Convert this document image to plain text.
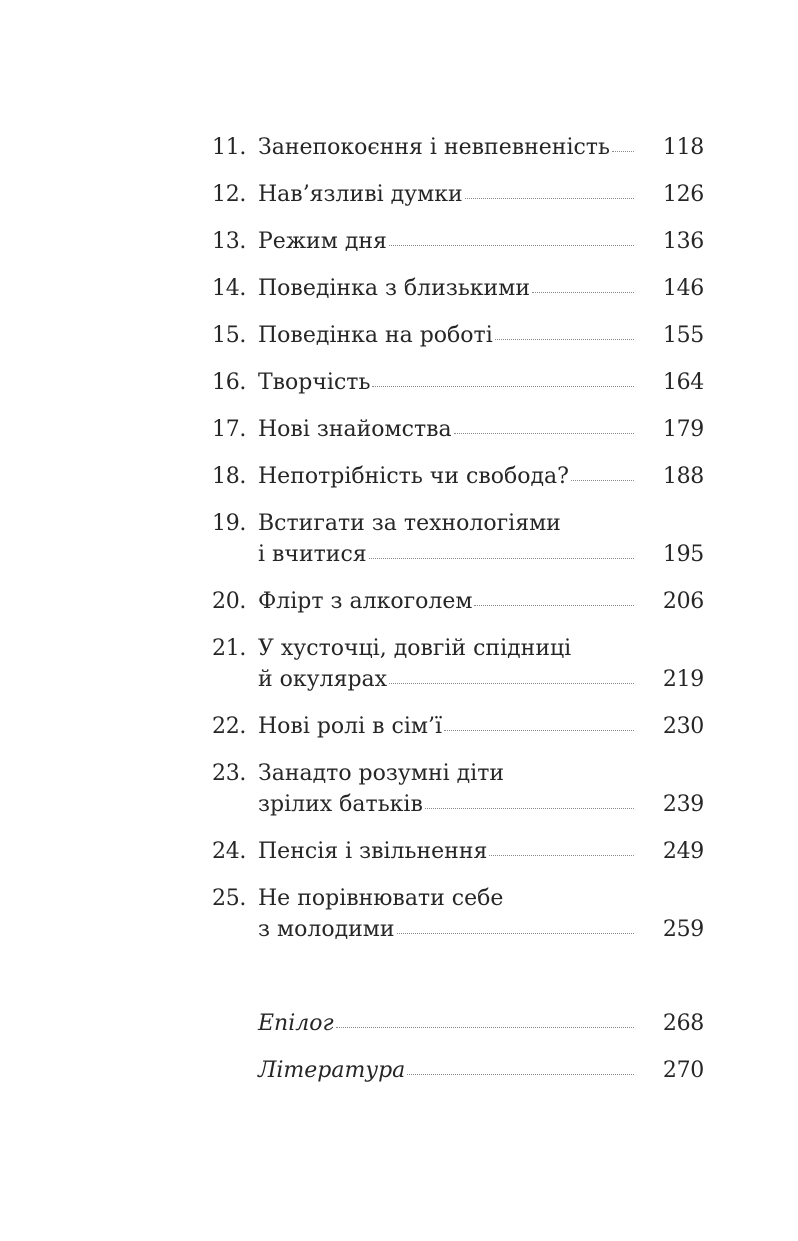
11. Занепокоєння і невпевненість 118
12. Нав’язливі думки	126
13. Режим дня	136
14. Поведінка з близькими	146
15. Поведінка на роботі	155
16. Творчість	164
17. Нові знайомства	179
18. Непотрібність чи свобода?	188
19. Встигати за технологіями
і вчитися	195
20. Флірт з алкоголем	206
21. У хусточці, довгій спідниці
й окулярах	219
22. Нові ролі в сім’ї	230
23. Занадто розумні діти
зрілих батьків	239
24. Пенсія і звільнення	249
25. Не порівнювати себе
з молодими	259
Епілог	268
Література	270
